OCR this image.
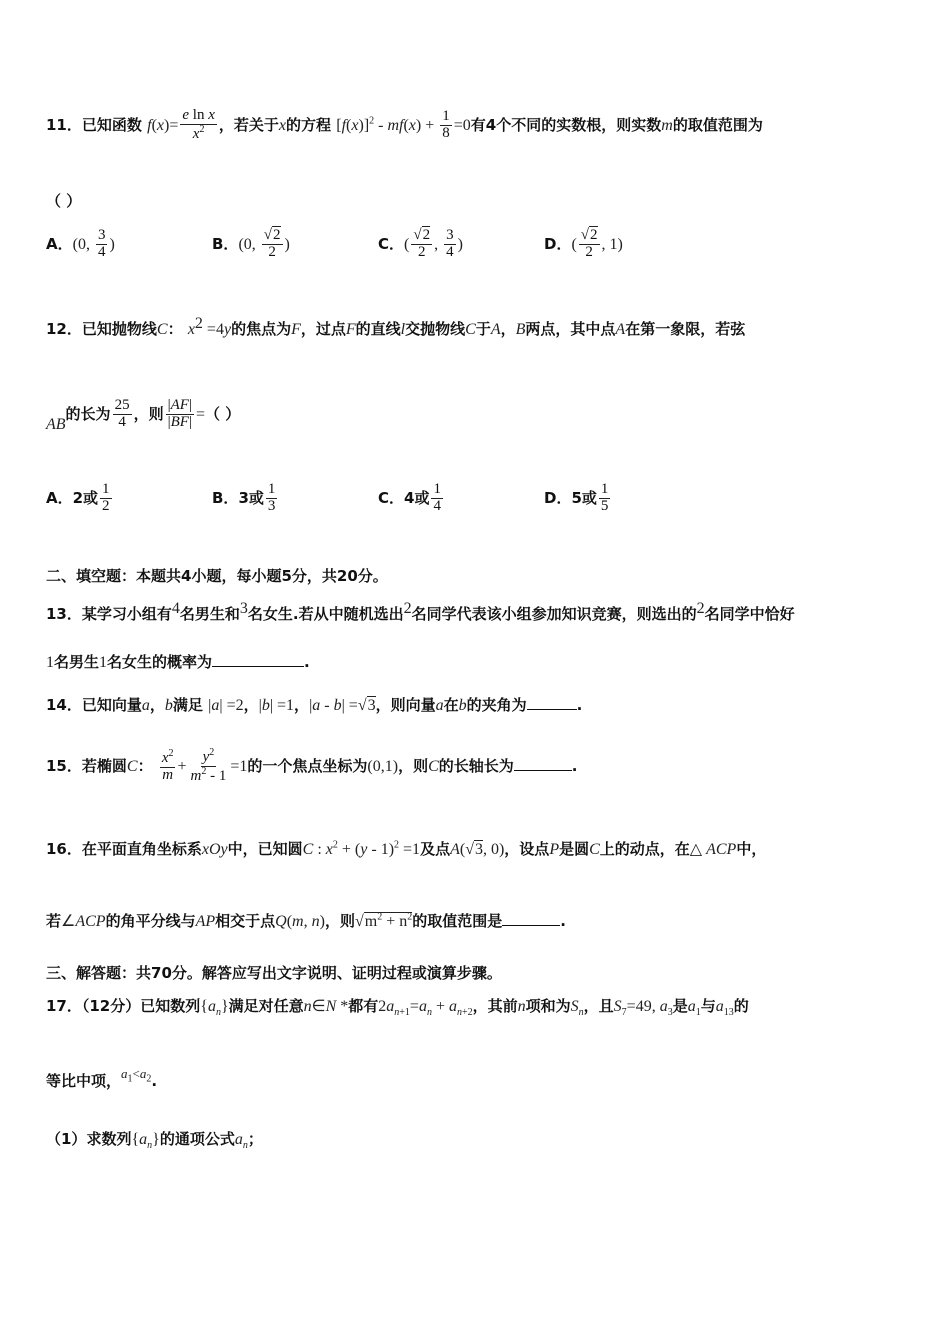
11．已知函数 $f(x)= \frac{\text{e ln x}}{x^2}$ ，若关于x的方程 $[f(x)]^2 - mf(x) + \frac{1}{8} =0$有4个不同的实数根，则实数m的取值范围为
（ ）
A．(0, $\frac{3}{4}$ )	B．(0, $\frac{√2}{2}$ )	C．( $\frac{√2}{2}$ , $\frac{3}{4}$ )	D．( $\frac{√2}{2}$ , 1)
12．已知抛物线C： $x^2 =4y$的焦点为F，过点F的直线l交抛物线C于A，B两点，其中点A在第一象限，若弦
AB的长为 $\frac{25}{4}$ ，则 $\frac{|AF|}{|BF|}$ =（ ）
A．2或 $\frac{1}{2}$	B．3或 $\frac{1}{3}$	C．4或 $\frac{1}{4}$	D．5或 $\frac{1}{5}$
二、填空题：本题共4小题，每小题5分，共20分。
13．某学习小组有$^4$名男生和$^3$名女生.若从中随机选出$^2$名同学代表该小组参加知识竞赛，则选出的$^2$名同学中恰好
1名男生1名女生的概率为	.
14．已知向量a，b满足 |a| =2，|b| =1，|a - b| =√3，则向量a在b的夹角为	.
15．若椭圆C： $\frac{x^2}{m} + \frac{y^2}{m^2 - 1} =1$的一个焦点坐标为(0,1)，则C的长轴长为	.
16．在平面直角坐标系xOy中，已知圆C : $x^2 + (y - 1)^2 =1$及点A(√3, 0)，设点P是圆C上的动点，在△ ACP中，
若∠ACP的角平分线与AP相交于点Q(m, n)，则$√m^2 + n^2$的取值范围是	.
三、解答题：共70分。解答应写出文字说明、证明过程或演算步骤。
17．（12分）已知数列$\{a_n\}$满足对任意n∈N *都有$2a_{n+1}=a_n + a_{n+2}$，其前n项和为$S_n$，且$S_7=49$, $a_3$是$a_1$与$a_{13}$的
等比中项，$a_1<a_2$.
（1）求数列$\{a_n\}$的通项公式$a_n$；
